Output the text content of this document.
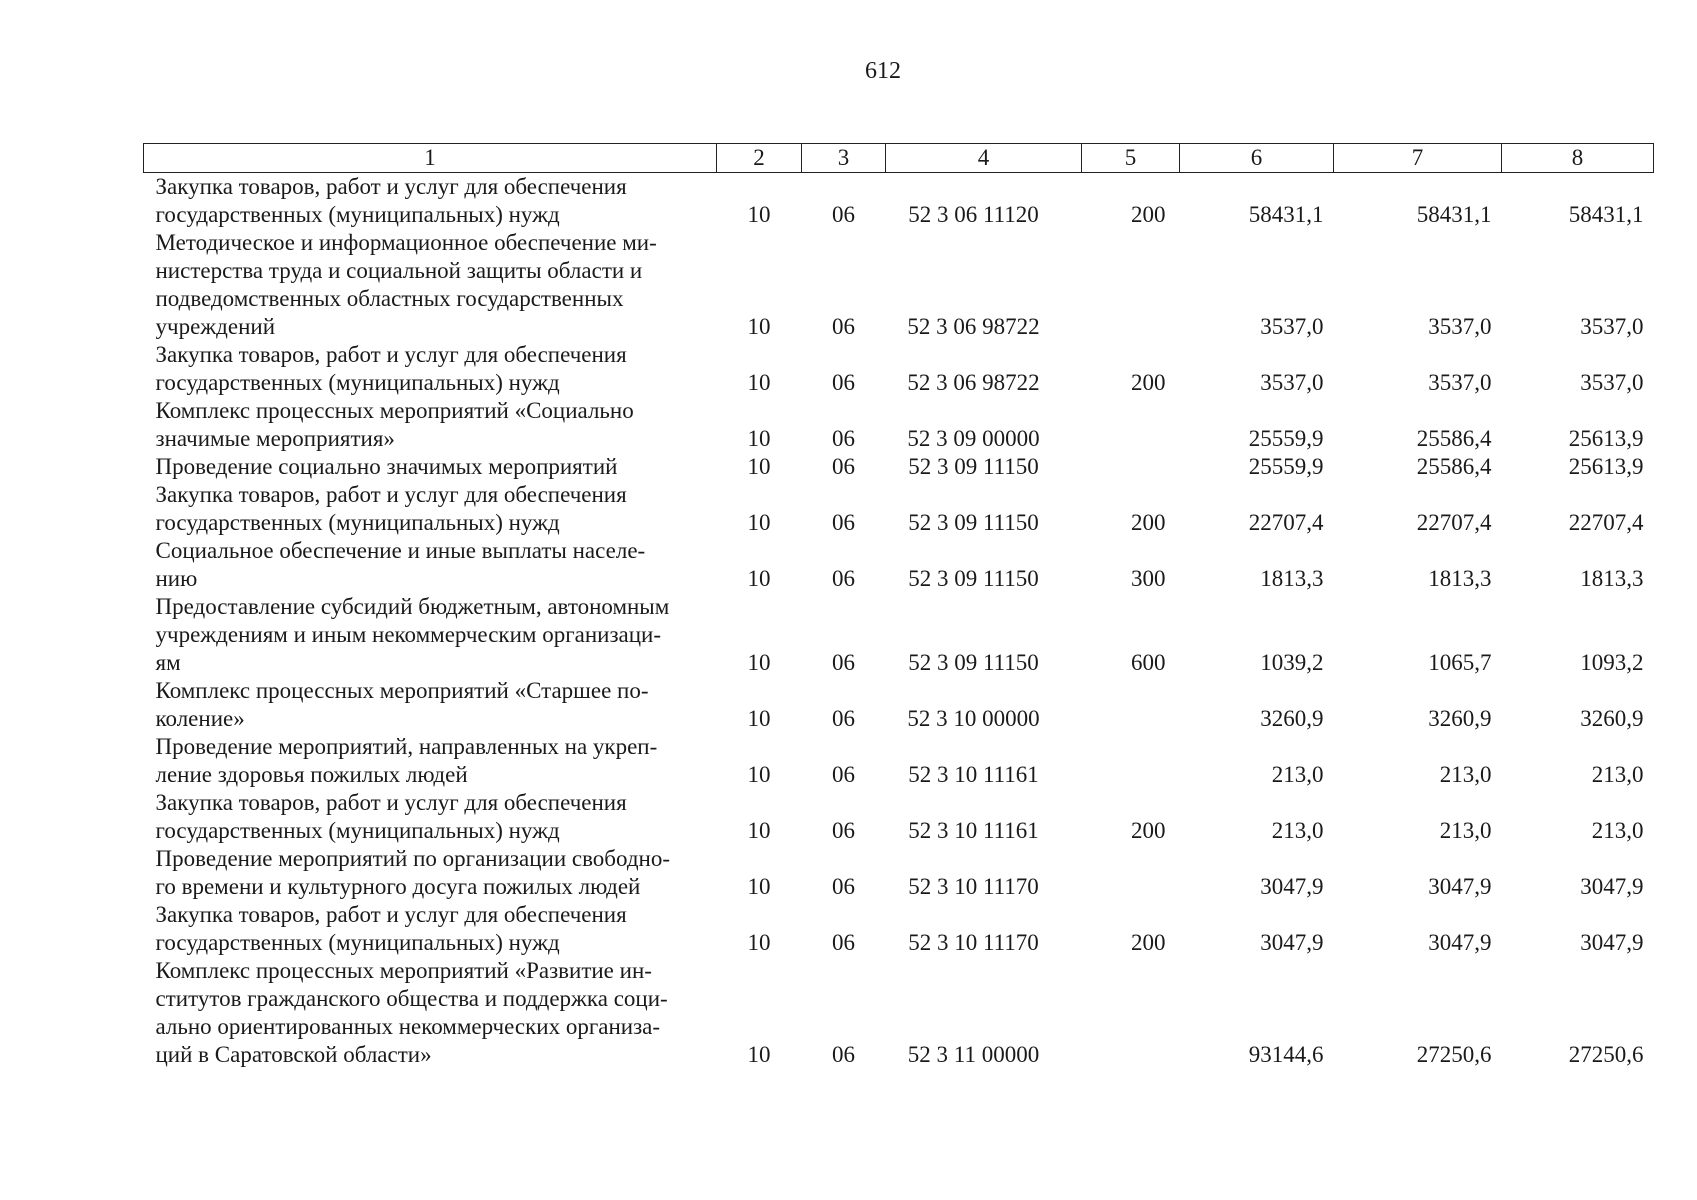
612
1	2	3	4	5	6	7	8
Закупка товаров, работ и услуг для обеспечения
государственных (муниципальных) нужд	10	06	52 3 06 11120	200	58431,1	58431,1	58431,1
Методическое и информационное обеспечение ми-
нистерства труда и социальной защиты области и
подведомственных областных государственных
учреждений	10	06	52 3 06 98722		3537,0	3537,0	3537,0
Закупка товаров, работ и услуг для обеспечения
государственных (муниципальных) нужд	10	06	52 3 06 98722	200	3537,0	3537,0	3537,0
Комплекс процессных мероприятий «Социально
значимые мероприятия»	10	06	52 3 09 00000		25559,9	25586,4	25613,9
Проведение социально значимых мероприятий	10	06	52 3 09 11150		25559,9	25586,4	25613,9
Закупка товаров, работ и услуг для обеспечения
государственных (муниципальных) нужд	10	06	52 3 09 11150	200	22707,4	22707,4	22707,4
Социальное обеспечение и иные выплаты населе-
нию	10	06	52 3 09 11150	300	1813,3	1813,3	1813,3
Предоставление субсидий бюджетным, автономным
учреждениям и иным некоммерческим организаци-
ям	10	06	52 3 09 11150	600	1039,2	1065,7	1093,2
Комплекс процессных мероприятий «Старшее по-
коление»	10	06	52 3 10 00000		3260,9	3260,9	3260,9
Проведение мероприятий, направленных на укреп-
ление здоровья пожилых людей	10	06	52 3 10 11161		213,0	213,0	213,0
Закупка товаров, работ и услуг для обеспечения
государственных (муниципальных) нужд	10	06	52 3 10 11161	200	213,0	213,0	213,0
Проведение мероприятий по организации свободно-
го времени и культурного досуга пожилых людей	10	06	52 3 10 11170		3047,9	3047,9	3047,9
Закупка товаров, работ и услуг для обеспечения
государственных (муниципальных) нужд	10	06	52 3 10 11170	200	3047,9	3047,9	3047,9
Комплекс процессных мероприятий «Развитие ин-
ститутов гражданского общества и поддержка соци-
ально ориентированных некоммерческих организа-
ций в Саратовской области»	10	06	52 3 11 00000		93144,6	27250,6	27250,6
